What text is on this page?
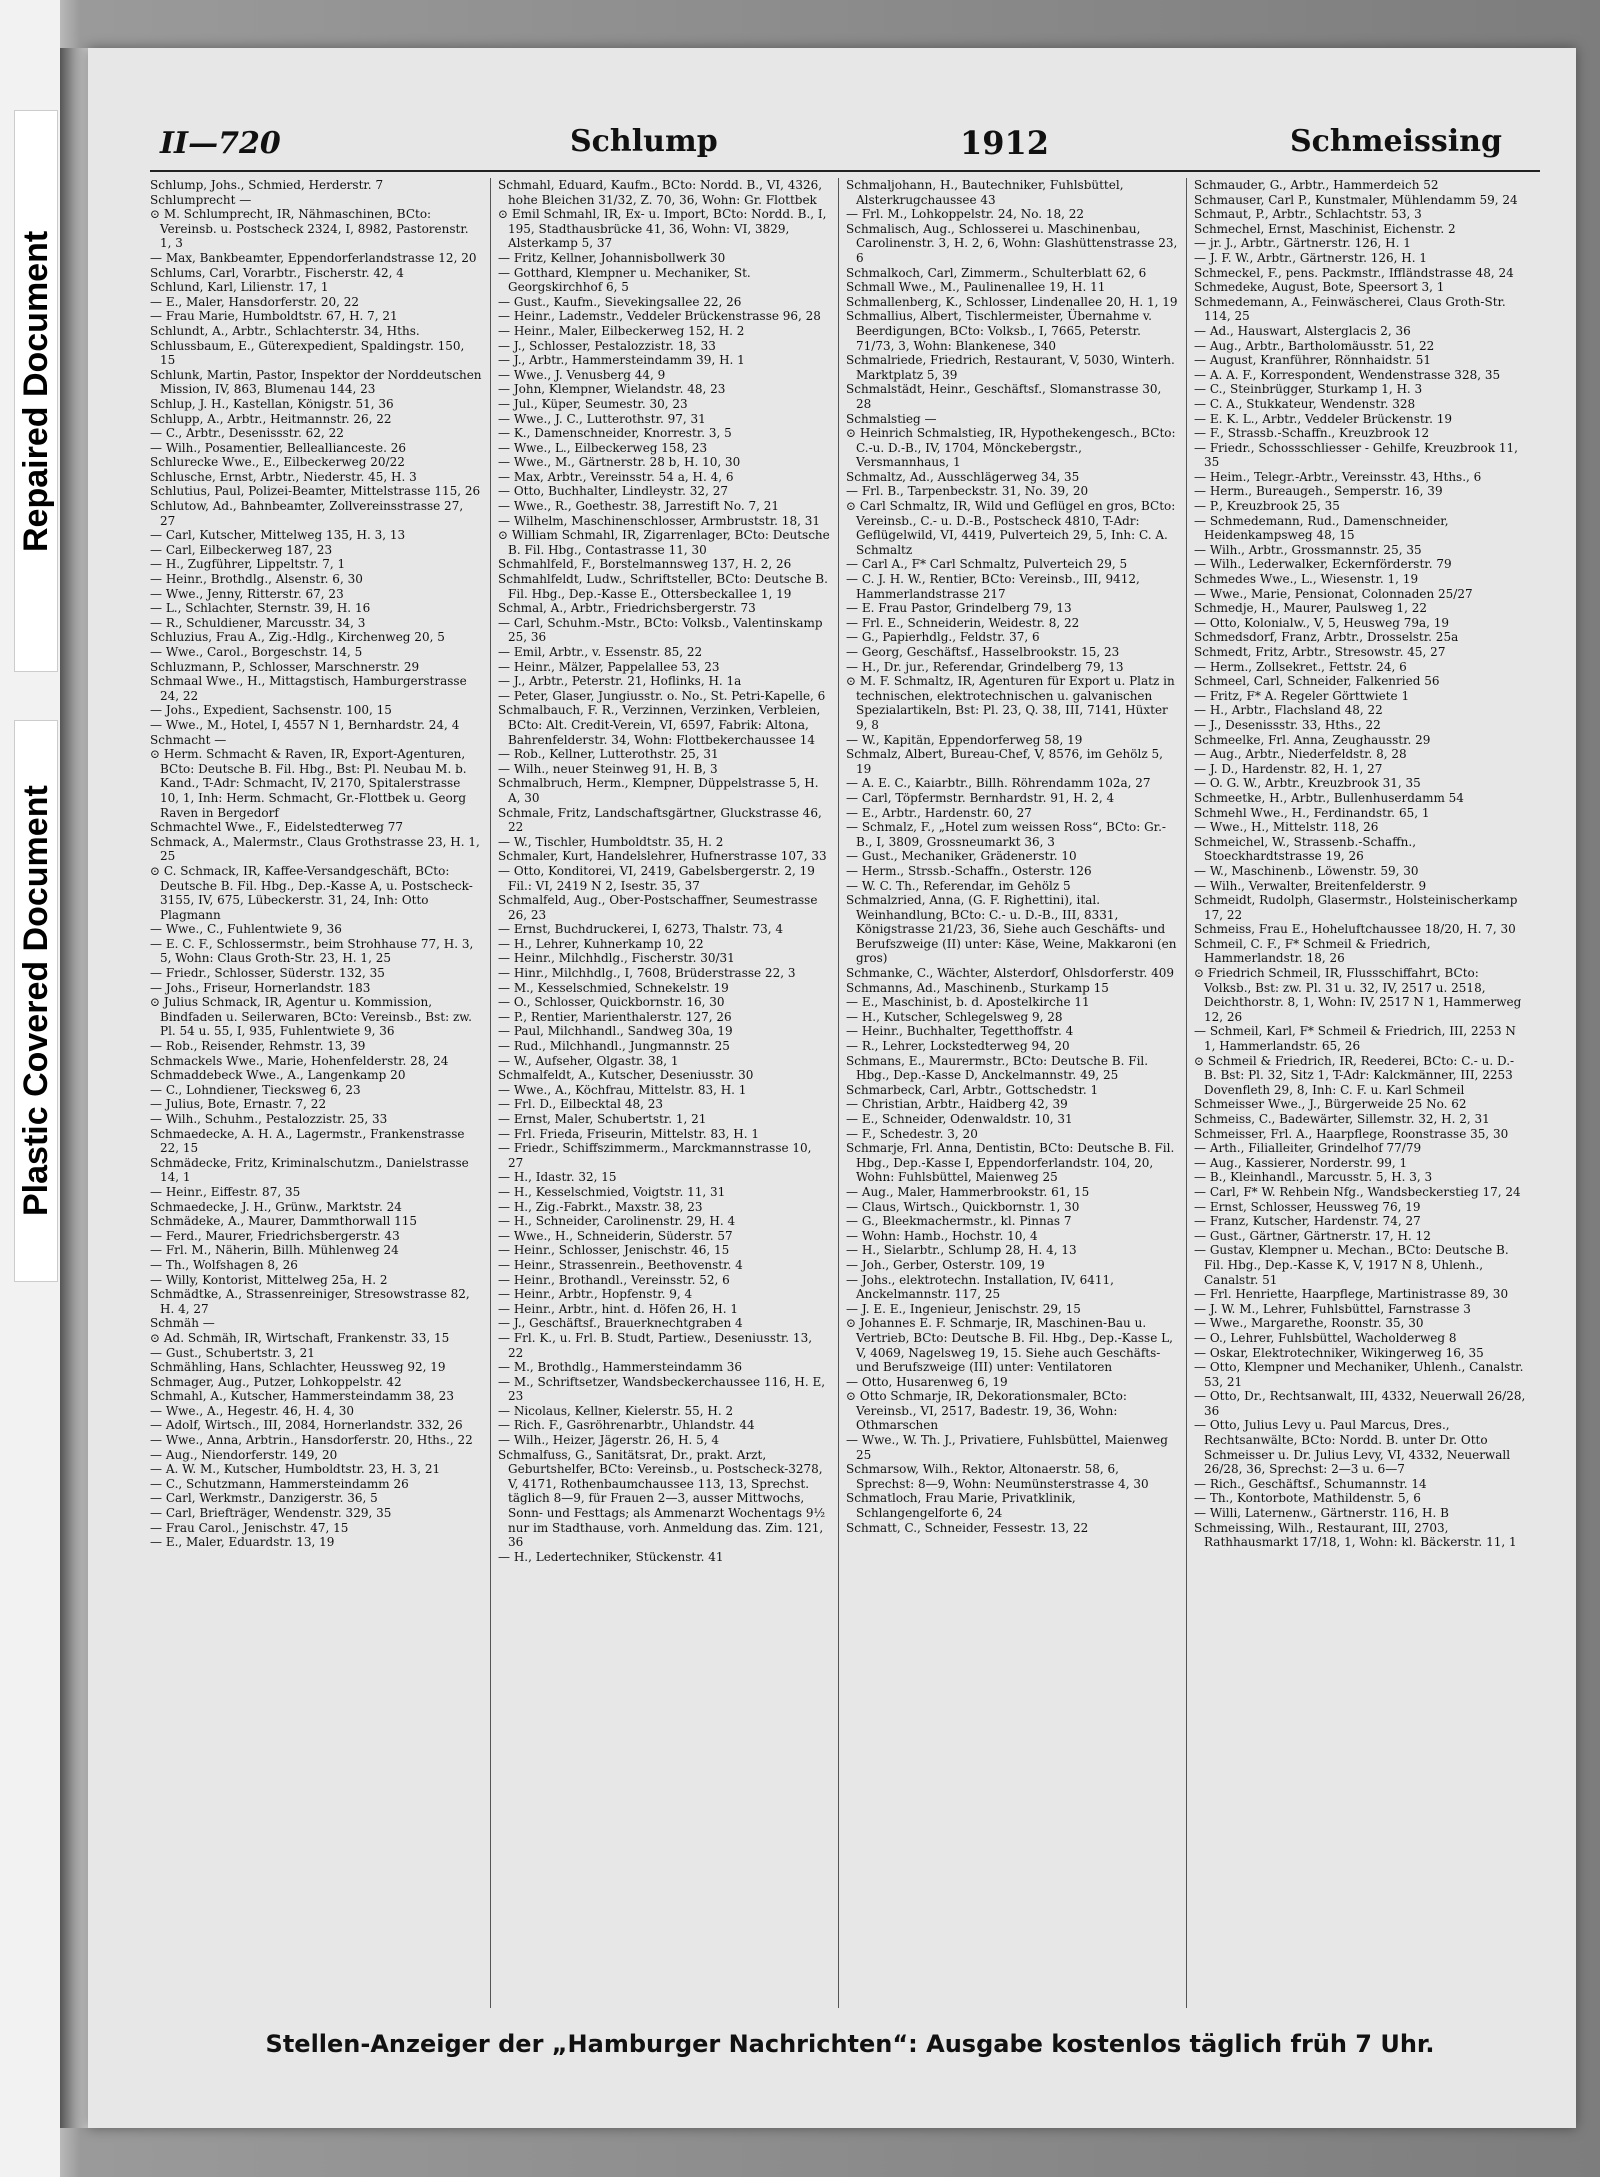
Repaired Document
Plastic Covered Document
II—720	Schlump	1912	Schmeissing

Schlump, Johs., Schmied, Herderstr. 7

Schlumprecht —

⊙ M. Schlumprecht, IR, Nähmaschinen, BCto: Vereinsb. u. Postscheck 2324, I, 8982, Pastorenstr. 1, 3

— Max, Bankbeamter, Eppendorferlandstrasse 12, 20

Schlums, Carl, Vorarbtr., Fischerstr. 42, 4

Schlund, Karl, Lilienstr. 17, 1

— E., Maler, Hansdorferstr. 20, 22

— Frau Marie, Humboldtstr. 67, H. 7, 21

Schlundt, A., Arbtr., Schlachterstr. 34, Hths.

Schlussbaum, E., Güterexpedient, Spaldingstr. 150, 15

Schlunk, Martin, Pastor, Inspektor der Norddeutschen Mission, IV, 863, Blumenau 144, 23

Schlup, J. H., Kastellan, Königstr. 51, 36

Schlupp, A., Arbtr., Heitmannstr. 26, 22

— C., Arbtr., Desenissstr. 62, 22

— Wilh., Posamentier, Belleallianceste. 26

Schlurecke Wwe., E., Eilbeckerweg 20/22

Schlusche, Ernst, Arbtr., Niederstr. 45, H. 3

Schlutius, Paul, Polizei-Beamter, Mittelstrasse 115, 26

Schlutow, Ad., Bahnbeamter, Zollvereinsstrasse 27, 27

— Carl, Kutscher, Mittelweg 135, H. 3, 13

— Carl, Eilbeckerweg 187, 23

— H., Zugführer, Lippeltstr. 7, 1

— Heinr., Brothdlg., Alsenstr. 6, 30

— Wwe., Jenny, Ritterstr. 67, 23

— L., Schlachter, Sternstr. 39, H. 16

— R., Schuldiener, Marcusstr. 34, 3

Schluzius, Frau A., Zig.-Hdlg., Kirchenweg 20, 5

— Wwe., Carol., Borgeschstr. 14, 5

Schluzmann, P., Schlosser, Marschnerstr. 29

Schmaal Wwe., H., Mittagstisch, Hamburgerstrasse 24, 22

— Johs., Expedient, Sachsenstr. 100, 15

— Wwe., M., Hotel, I, 4557 N 1, Bernhardstr. 24, 4

Schmacht —

⊙ Herm. Schmacht & Raven, IR, Export-Agenturen, BCto: Deutsche B. Fil. Hbg., Bst: Pl. Neubau M. b. Kand., T-Adr: Schmacht, IV, 2170, Spitalerstrasse 10, 1, Inh: Herm. Schmacht, Gr.-Flottbek u. Georg Raven in Bergedorf

Schmachtel Wwe., F., Eidelstedterweg 77

Schmack, A., Malermstr., Claus Grothstrasse 23, H. 1, 25

⊙ C. Schmack, IR, Kaffee-Versandgeschäft, BCto: Deutsche B. Fil. Hbg., Dep.-Kasse A, u. Postscheck-3155, IV, 675, Lübeckerstr. 31, 24, Inh: Otto Plagmann

— Wwe., C., Fuhlentwiete 9, 36

— E. C. F., Schlossermstr., beim Strohhause 77, H. 3, 5, Wohn: Claus Groth-Str. 23, H. 1, 25

— Friedr., Schlosser, Süderstr. 132, 35

— Johs., Friseur, Hornerlandstr. 183

⊙ Julius Schmack, IR, Agentur u. Kommission, Bindfaden u. Seilerwaren, BCto: Vereinsb., Bst: zw. Pl. 54 u. 55, I, 935, Fuhlentwiete 9, 36

— Rob., Reisender, Rehmstr. 13, 39

Schmackels Wwe., Marie, Hohenfelderstr. 28, 24

Schmaddebeck Wwe., A., Langenkamp 20

— C., Lohndiener, Tiecksweg 6, 23

— Julius, Bote, Ernastr. 7, 22

— Wilh., Schuhm., Pestalozzistr. 25, 33

Schmaedecke, A. H. A., Lagermstr., Frankenstrasse 22, 15

Schmädecke, Fritz, Kriminalschutzm., Danielstrasse 14, 1

— Heinr., Eiffestr. 87, 35

Schmaedecke, J. H., Grünw., Marktstr. 24

Schmädeke, A., Maurer, Dammthorwall 115

— Ferd., Maurer, Friedrichsbergerstr. 43

— Frl. M., Näherin, Billh. Mühlenweg 24

— Th., Wolfshagen 8, 26

— Willy, Kontorist, Mittelweg 25a, H. 2

Schmädtke, A., Strassenreiniger, Stresowstrasse 82, H. 4, 27

Schmäh —

⊙ Ad. Schmäh, IR, Wirtschaft, Frankenstr. 33, 15

— Gust., Schubertstr. 3, 21

Schmähling, Hans, Schlachter, Heussweg 92, 19

Schmager, Aug., Putzer, Lohkoppelstr. 42

Schmahl, A., Kutscher, Hammersteindamm 38, 23

— Wwe., A., Hegestr. 46, H. 4, 30

— Adolf, Wirtsch., III, 2084, Hornerlandstr. 332, 26

— Wwe., Anna, Arbtrin., Hansdorferstr. 20, Hths., 22

— Aug., Niendorferstr. 149, 20

— A. W. M., Kutscher, Humboldtstr. 23, H. 3, 21

— C., Schutzmann, Hammersteindamm 26

— Carl, Werkmstr., Danzigerstr. 36, 5

— Carl, Briefträger, Wendenstr. 329, 35

— Frau Carol., Jenischstr. 47, 15

— E., Maler, Eduardstr. 13, 19

Schmahl, Eduard, Kaufm., BCto: Nordd. B., VI, 4326, hohe Bleichen 31/32, Z. 70, 36, Wohn: Gr. Flottbek

⊙ Emil Schmahl, IR, Ex- u. Import, BCto: Nordd. B., I, 195, Stadthausbrücke 41, 36, Wohn: VI, 3829, Alsterkamp 5, 37

— Fritz, Kellner, Johannisbollwerk 30

— Gotthard, Klempner u. Mechaniker, St. Georgskirchhof 6, 5

— Gust., Kaufm., Sievekingsallee 22, 26

— Heinr., Lademstr., Veddeler Brückenstrasse 96, 28

— Heinr., Maler, Eilbeckerweg 152, H. 2

— J., Schlosser, Pestalozzistr. 18, 33

— J., Arbtr., Hammersteindamm 39, H. 1

— Wwe., J. Venusberg 44, 9

— John, Klempner, Wielandstr. 48, 23

— Jul., Küper, Seumestr. 30, 23

— Wwe., J. C., Lutterothstr. 97, 31

— K., Damenschneider, Knorrestr. 3, 5

— Wwe., L., Eilbeckerweg 158, 23

— Wwe., M., Gärtnerstr. 28 b, H. 10, 30

— Max, Arbtr., Vereinsstr. 54 a, H. 4, 6

— Otto, Buchhalter, Lindleystr. 32, 27

— Wwe., R., Goethestr. 38, Jarrestift No. 7, 21

— Wilhelm, Maschinenschlosser, Armbruststr. 18, 31

⊙ William Schmahl, IR, Zigarrenlager, BCto: Deutsche B. Fil. Hbg., Contastrasse 11, 30

Schmahlfeld, F., Borstelmannsweg 137, H. 2, 26

Schmahlfeldt, Ludw., Schriftsteller, BCto: Deutsche B. Fil. Hbg., Dep.-Kasse E., Ottersbeckallee 1, 19

Schmal, A., Arbtr., Friedrichsbergerstr. 73

— Carl, Schuhm.-Mstr., BCto: Volksb., Valentinskamp 25, 36

— Emil, Arbtr., v. Essenstr. 85, 22

— Heinr., Mälzer, Pappelallee 53, 23

— J., Arbtr., Peterstr. 21, Hoflinks, H. 1a

— Peter, Glaser, Jungiusstr. o. No., St. Petri-Kapelle, 6

Schmalbauch, F. R., Verzinnen, Verzinken, Verbleien, BCto: Alt. Credit-Verein, VI, 6597, Fabrik: Altona, Bahrenfelderstr. 34, Wohn: Flottbekerchaussee 14

— Rob., Kellner, Lutterothstr. 25, 31

— Wilh., neuer Steinweg 91, H. B, 3

Schmalbruch, Herm., Klempner, Düppelstrasse 5, H. A, 30

Schmale, Fritz, Landschaftsgärtner, Gluckstrasse 46, 22

— W., Tischler, Humboldtstr. 35, H. 2

Schmaler, Kurt, Handelslehrer, Hufnerstrasse 107, 33

— Otto, Konditorei, VI, 2419, Gabelsbergerstr. 2, 19 Fil.: VI, 2419 N 2, Isestr. 35, 37

Schmalfeld, Aug., Ober-Postschaffner, Seumestrasse 26, 23

— Ernst, Buchdruckerei, I, 6273, Thalstr. 73, 4

— H., Lehrer, Kuhnerkamp 10, 22

— Heinr., Milchhdlg., Fischerstr. 30/31

— Hinr., Milchhdlg., I, 7608, Brüderstrasse 22, 3

— M., Kesselschmied, Schnekelstr. 19

— O., Schlosser, Quickbornstr. 16, 30

— P., Rentier, Marienthalerstr. 127, 26

— Paul, Milchhandl., Sandweg 30a, 19

— Rud., Milchhandl., Jungmannstr. 25

— W., Aufseher, Olgastr. 38, 1

Schmalfeldt, A., Kutscher, Deseniusstr. 30

— Wwe., A., Köchfrau, Mittelstr. 83, H. 1

— Frl. D., Eilbecktal 48, 23

— Ernst, Maler, Schubertstr. 1, 21

— Frl. Frieda, Friseurin, Mittelstr. 83, H. 1

— Friedr., Schiffszimmerm., Marckmannstrasse 10, 27

— H., Idastr. 32, 15

— H., Kesselschmied, Voigtstr. 11, 31

— H., Zig.-Fabrkt., Maxstr. 38, 23

— H., Schneider, Carolinenstr. 29, H. 4

— Wwe., H., Schneiderin, Süderstr. 57

— Heinr., Schlosser, Jenischstr. 46, 15

— Heinr., Strassenrein., Beethovenstr. 4

— Heinr., Brothandl., Vereinsstr. 52, 6

— Heinr., Arbtr., Hopfenstr. 9, 4

— Heinr., Arbtr., hint. d. Höfen 26, H. 1

— J., Geschäftsf., Brauerknechtgraben 4

— Frl. K., u. Frl. B. Studt, Partiew., Deseniusstr. 13, 22

— M., Brothdlg., Hammersteindamm 36

— M., Schriftsetzer, Wandsbeckerchaussee 116, H. E, 23

— Nicolaus, Kellner, Kielerstr. 55, H. 2

— Rich. F., Gasröhrenarbtr., Uhlandstr. 44

— Wilh., Heizer, Jägerstr. 26, H. 5, 4

Schmalfuss, G., Sanitätsrat, Dr., prakt. Arzt, Geburtshelfer, BCto: Vereinsb., u. Postscheck-3278, V, 4171, Rothenbaumchaussee 113, 13, Sprechst. täglich 8—9, für Frauen 2—3, ausser Mittwochs, Sonn- und Festtags; als Ammenarzt Wochentags 9½ nur im Stadthause, vorh. Anmeldung das. Zim. 121, 36

— H., Ledertechniker, Stückenstr. 41

Schmaljohann, H., Bautechniker, Fuhlsbüttel, Alsterkrugchaussee 43

— Frl. M., Lohkoppelstr. 24, No. 18, 22

Schmalisch, Aug., Schlosserei u. Maschinenbau, Carolinenstr. 3, H. 2, 6, Wohn: Glashüttenstrasse 23, 6

Schmalkoch, Carl, Zimmerm., Schulterblatt 62, 6

Schmall Wwe., M., Paulinenallee 19, H. 11

Schmallenberg, K., Schlosser, Lindenallee 20, H. 1, 19

Schmallius, Albert, Tischlermeister, Übernahme v. Beerdigungen, BCto: Volksb., I, 7665, Peterstr. 71/73, 3, Wohn: Blankenese, 340

Schmalriede, Friedrich, Restaurant, V, 5030, Winterh. Marktplatz 5, 39

Schmalstädt, Heinr., Geschäftsf., Slomanstrasse 30, 28

Schmalstieg —

⊙ Heinrich Schmalstieg, IR, Hypothekengesch., BCto: C.-u. D.-B., IV, 1704, Mönckebergstr., Versmannhaus, 1

Schmaltz, Ad., Ausschlägerweg 34, 35

— Frl. B., Tarpenbeckstr. 31, No. 39, 20

⊙ Carl Schmaltz, IR, Wild und Geflügel en gros, BCto: Vereinsb., C.- u. D.-B., Postscheck 4810, T-Adr: Geflügelwild, VI, 4419, Pulverteich 29, 5, Inh: C. A. Schmaltz

— Carl A., F* Carl Schmaltz, Pulverteich 29, 5

— C. J. H. W., Rentier, BCto: Vereinsb., III, 9412, Hammerlandstrasse 217

— E. Frau Pastor, Grindelberg 79, 13

— Frl. E., Schneiderin, Weidestr. 8, 22

— G., Papierhdlg., Feldstr. 37, 6

— Georg, Geschäftsf., Hasselbrookstr. 15, 23

— H., Dr. jur., Referendar, Grindelberg 79, 13

⊙ M. F. Schmaltz, IR, Agenturen für Export u. Platz in technischen, elektrotechnischen u. galvanischen Spezialartikeln, Bst: Pl. 23, Q. 38, III, 7141, Hüxter 9, 8

— W., Kapitän, Eppendorferweg 58, 19

Schmalz, Albert, Bureau-Chef, V, 8576, im Gehölz 5, 19

— A. E. C., Kaiarbtr., Billh. Röhrendamm 102a, 27

— Carl, Töpfermstr. Bernhardstr. 91, H. 2, 4

— E., Arbtr., Hardenstr. 60, 27

— Schmalz, F., „Hotel zum weissen Ross“, BCto: Gr.-B., I, 3809, Grossneumarkt 36, 3

— Gust., Mechaniker, Grädenerstr. 10

— Herm., Strssb.-Schaffn., Osterstr. 126

— W. C. Th., Referendar, im Gehölz 5

Schmalzried, Anna, (G. F. Righettini), ital. Weinhandlung, BCto: C.- u. D.-B., III, 8331, Königstrasse 21/23, 36, Siehe auch Geschäfts- und Berufszweige (II) unter: Käse, Weine, Makkaroni (en gros)

Schmanke, C., Wächter, Alsterdorf, Ohlsdorferstr. 409

Schmanns, Ad., Maschinenb., Sturkamp 15

— E., Maschinist, b. d. Apostelkirche 11

— H., Kutscher, Schlegelsweg 9, 28

— Heinr., Buchhalter, Tegetthoffstr. 4

— R., Lehrer, Lockstedterweg 94, 20

Schmans, E., Maurermstr., BCto: Deutsche B. Fil. Hbg., Dep.-Kasse D, Anckelmannstr. 49, 25

Schmarbeck, Carl, Arbtr., Gottschedstr. 1

— Christian, Arbtr., Haidberg 42, 39

— E., Schneider, Odenwaldstr. 10, 31

— F., Schedestr. 3, 20

Schmarje, Frl. Anna, Dentistin, BCto: Deutsche B. Fil. Hbg., Dep.-Kasse I, Eppendorferlandstr. 104, 20, Wohn: Fuhlsbüttel, Maienweg 25

— Aug., Maler, Hammerbrookstr. 61, 15

— Claus, Wirtsch., Quickbornstr. 1, 30

— G., Bleekmachermstr., kl. Pinnas 7

— Wohn: Hamb., Hochstr. 10, 4

— H., Sielarbtr., Schlump 28, H. 4, 13

— Joh., Gerber, Osterstr. 109, 19

— Johs., elektrotechn. Installation, IV, 6411, Anckelmannstr. 117, 25

— J. E. E., Ingenieur, Jenischstr. 29, 15

⊙ Johannes E. F. Schmarje, IR, Maschinen-Bau u. Vertrieb, BCto: Deutsche B. Fil. Hbg., Dep.-Kasse L, V, 4069, Nagelsweg 19, 15. Siehe auch Geschäfts- und Berufszweige (III) unter: Ventilatoren

— Otto, Husarenweg 6, 19

⊙ Otto Schmarje, IR, Dekorationsmaler, BCto: Vereinsb., VI, 2517, Badestr. 19, 36, Wohn: Othmarschen

— Wwe., W. Th. J., Privatiere, Fuhlsbüttel, Maienweg 25

Schmarsow, Wilh., Rektor, Altonaerstr. 58, 6, Sprechst: 8—9, Wohn: Neumünsterstrasse 4, 30

Schmatloch, Frau Marie, Privatklinik, Schlangengelforte 6, 24

Schmatt, C., Schneider, Fessestr. 13, 22

Schmauder, G., Arbtr., Hammerdeich 52

Schmauser, Carl P., Kunstmaler, Mühlendamm 59, 24

Schmaut, P., Arbtr., Schlachtstr. 53, 3

Schmechel, Ernst, Maschinist, Eichenstr. 2

— jr. J., Arbtr., Gärtnerstr. 126, H. 1

— J. F. W., Arbtr., Gärtnerstr. 126, H. 1

Schmeckel, F., pens. Packmstr., Iffländstrasse 48, 24

Schmedeke, August, Bote, Speersort 3, 1

Schmedemann, A., Feinwäscherei, Claus Groth-Str. 114, 25

— Ad., Hauswart, Alsterglacis 2, 36

— Aug., Arbtr., Bartholomäusstr. 51, 22

— August, Kranführer, Rönnhaidstr. 51

— A. A. F., Korrespondent, Wendenstrasse 328, 35

— C., Steinbrügger, Sturkamp 1, H. 3

— C. A., Stukkateur, Wendenstr. 328

— E. K. L., Arbtr., Veddeler Brückenstr. 19

— F., Strassb.-Schaffn., Kreuzbrook 12

— Friedr., Schossschliesser - Gehilfe, Kreuzbrook 11, 35

— Heim., Telegr.-Arbtr., Vereinsstr. 43, Hths., 6

— Herm., Bureaugeh., Semperstr. 16, 39

— P., Kreuzbrook 25, 35

— Schmedemann, Rud., Damenschneider, Heidenkampsweg 48, 15

— Wilh., Arbtr., Grossmannstr. 25, 35

— Wilh., Lederwalker, Eckernförderstr. 79

Schmedes Wwe., L., Wiesenstr. 1, 19

— Wwe., Marie, Pensionat, Colonnaden 25/27

Schmedje, H., Maurer, Paulsweg 1, 22

— Otto, Kolonialw., V, 5, Heusweg 79a, 19

Schmedsdorf, Franz, Arbtr., Drosselstr. 25a

Schmedt, Fritz, Arbtr., Stresowstr. 45, 27

— Herm., Zollsekret., Fettstr. 24, 6

Schmeel, Carl, Schneider, Falkenried 56

— Fritz, F* A. Regeler Görttwiete 1

— H., Arbtr., Flachsland 48, 22

— J., Desenissstr. 33, Hths., 22

Schmeelke, Frl. Anna, Zeughausstr. 29

— Aug., Arbtr., Niederfeldstr. 8, 28

— J. D., Hardenstr. 82, H. 1, 27

— O. G. W., Arbtr., Kreuzbrook 31, 35

Schmeetke, H., Arbtr., Bullenhuserdamm 54

Schmehl Wwe., H., Ferdinandstr. 65, 1

— Wwe., H., Mittelstr. 118, 26

Schmeichel, W., Strassenb.-Schaffn., Stoeckhardtstrasse 19, 26

— W., Maschinenb., Löwenstr. 59, 30

— Wilh., Verwalter, Breitenfelderstr. 9

Schmeidt, Rudolph, Glasermstr., Holsteinischerkamp 17, 22

Schmeiss, Frau E., Hoheluftchaussee 18/20, H. 7, 30

Schmeil, C. F., F* Schmeil & Friedrich, Hammerlandstr. 18, 26

⊙ Friedrich Schmeil, IR, Flussschiffahrt, BCto: Volksb., Bst: zw. Pl. 31 u. 32, IV, 2517 u. 2518, Deichthorstr. 8, 1, Wohn: IV, 2517 N 1, Hammerweg 12, 26

— Schmeil, Karl, F* Schmeil & Friedrich, III, 2253 N 1, Hammerlandstr. 65, 26

⊙ Schmeil & Friedrich, IR, Reederei, BCto: C.- u. D.-B. Bst: Pl. 32, Sitz 1, T-Adr: Kalckmänner, III, 2253 Dovenfleth 29, 8, Inh: C. F. u. Karl Schmeil

Schmeisser Wwe., J., Bürgerweide 25 No. 62

Schmeiss, C., Badewärter, Sillemstr. 32, H. 2, 31

Schmeisser, Frl. A., Haarpflege, Roonstrasse 35, 30

— Arth., Filialleiter, Grindelhof 77/79

— Aug., Kassierer, Norderstr. 99, 1

— B., Kleinhandl., Marcusstr. 5, H. 3, 3

— Carl, F* W. Rehbein Nfg., Wandsbeckerstieg 17, 24

— Ernst, Schlosser, Heussweg 76, 19

— Franz, Kutscher, Hardenstr. 74, 27

— Gust., Gärtner, Gärtnerstr. 17, H. 12

— Gustav, Klempner u. Mechan., BCto: Deutsche B. Fil. Hbg., Dep.-Kasse K, V, 1917 N 8, Uhlenh., Canalstr. 51

— Frl. Henriette, Haarpflege, Martinistrasse 89, 30

— J. W. M., Lehrer, Fuhlsbüttel, Farnstrasse 3

— Wwe., Margarethe, Roonstr. 35, 30

— O., Lehrer, Fuhlsbüttel, Wacholderweg 8

— Oskar, Elektrotechniker, Wikingerweg 16, 35

— Otto, Klempner und Mechaniker, Uhlenh., Canalstr. 53, 21

— Otto, Dr., Rechtsanwalt, III, 4332, Neuerwall 26/28, 36

— Otto, Julius Levy u. Paul Marcus, Dres., Rechtsanwälte, BCto: Nordd. B. unter Dr. Otto Schmeisser u. Dr. Julius Levy, VI, 4332, Neuerwall 26/28, 36, Sprechst: 2—3 u. 6—7

— Rich., Geschäftsf., Schumannstr. 14

— Th., Kontorbote, Mathildenstr. 5, 6

— Willi, Laternenw., Gärtnerstr. 116, H. B

Schmeissing, Wilh., Restaurant, III, 2703, Rathhausmarkt 17/18, 1, Wohn: kl. Bäckerstr. 11, 1

Stellen-Anzeiger der „Hamburger Nachrichten“: Ausgabe kostenlos täglich früh 7 Uhr.
